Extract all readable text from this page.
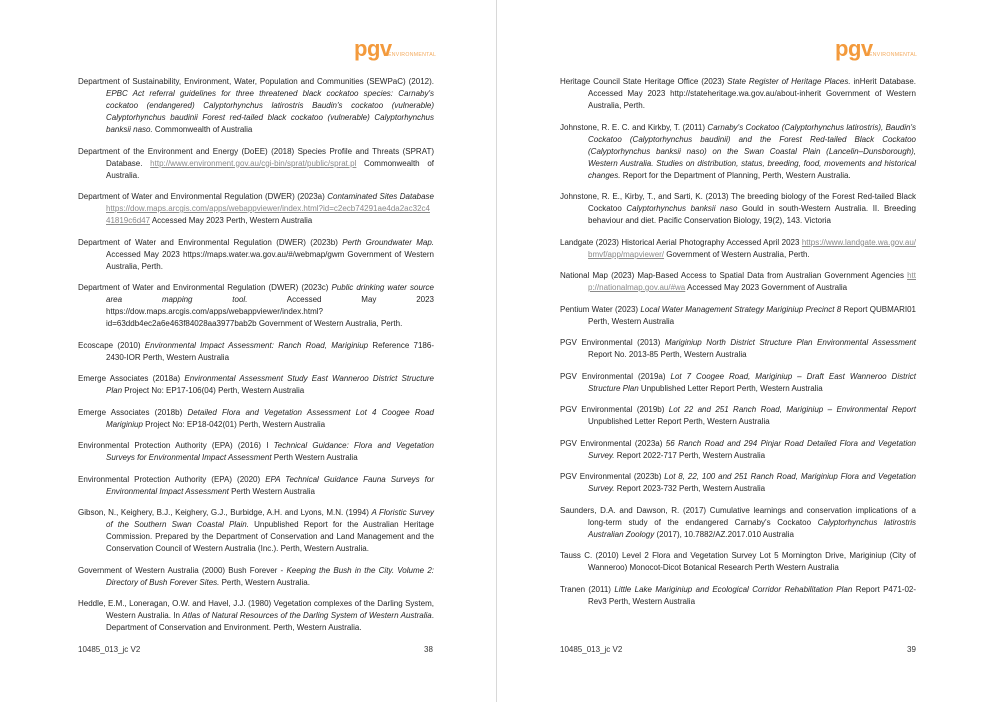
pgv
ENVIRONMENTAL

Department of Sustainability, Environment, Water, Population and Communities (SEWPaC) (2012). EPBC Act referral guidelines for three threatened black cockatoo species: Carnaby's cockatoo (endangered) Calyptorhynchus latirostris Baudin's cockatoo (vulnerable) Calyptorhynchus baudinii Forest red-tailed black cockatoo (vulnerable) Calyptorhynchus banksii naso. Commonwealth of Australia

Department of the Environment and Energy (DoEE) (2018) Species Profile and Threats (SPRAT) Database. http://www.environment.gov.au/cgi-bin/sprat/public/sprat.pl Commonwealth of Australia.

Department of Water and Environmental Regulation (DWER) (2023a) Contaminated Sites Database https://dow.maps.arcgis.com/apps/webappviewer/index.html?id=c2ecb74291ae4da2ac32c441819c6d47 Accessed May 2023 Perth, Western Australia

Department of Water and Environmental Regulation (DWER) (2023b) Perth Groundwater Map. Accessed May 2023 https://maps.water.wa.gov.au/#/webmap/gwm Government of Western Australia, Perth.

Department of Water and Environmental Regulation (DWER) (2023c) Public drinking water source area mapping tool. Accessed May 2023 https://dow.maps.arcgis.com/apps/webappviewer/index.html?id=63ddb4ec2a6e463f84028aa3977bab2b Government of Western Australia, Perth.

Ecoscape (2010) Environmental Impact Assessment: Ranch Road, Mariginiup Reference 7186-2430-IOR Perth, Western Australia

Emerge Associates (2018a) Environmental Assessment Study East Wanneroo District Structure Plan Project No: EP17-106(04) Perth, Western Australia

Emerge Associates (2018b) Detailed Flora and Vegetation Assessment Lot 4 Coogee Road Mariginiup Project No: EP18-042(01) Perth, Western Australia

Environmental Protection Authority (EPA) (2016) I Technical Guidance: Flora and Vegetation Surveys for Environmental Impact Assessment Perth Western Australia

Environmental Protection Authority (EPA) (2020) EPA Technical Guidance Fauna Surveys for Environmental Impact Assessment Perth Western Australia

Gibson, N., Keighery, B.J., Keighery, G.J., Burbidge, A.H. and Lyons, M.N. (1994) A Floristic Survey of the Southern Swan Coastal Plain. Unpublished Report for the Australian Heritage Commission. Prepared by the Department of Conservation and Land Management and the Conservation Council of Western Australia (Inc.). Perth, Western Australia.

Government of Western Australia (2000) Bush Forever - Keeping the Bush in the City. Volume 2: Directory of Bush Forever Sites. Perth, Western Australia.

Heddle, E.M., Loneragan, O.W. and Havel, J.J. (1980) Vegetation complexes of the Darling System, Western Australia. In Atlas of Natural Resources of the Darling System of Western Australia. Department of Conservation and Environment. Perth, Western Australia.

10485_013_jc V2	38
pgv
ENVIRONMENTAL

Heritage Council State Heritage Office (2023) State Register of Heritage Places. inHerit Database. Accessed May 2023 http://stateheritage.wa.gov.au/about-inherit Government of Western Australia, Perth.

Johnstone, R. E. C. and Kirkby, T. (2011) Carnaby's Cockatoo (Calyptorhynchus latirostris), Baudin's Cockatoo (Calyptorhynchus baudinii) and the Forest Red-tailed Black Cockatoo (Calyptorhynchus banksii naso) on the Swan Coastal Plain (Lancelin–Dunsborough), Western Australia. Studies on distribution, status, breeding, food, movements and historical changes. Report for the Department of Planning, Perth, Western Australia.

Johnstone, R. E., Kirby, T., and Sarti, K. (2013) The breeding biology of the Forest Red-tailed Black Cockatoo Calyptorhynchus banksii naso Gould in south-Western Australia. II. Breeding behaviour and diet. Pacific Conservation Biology, 19(2), 143. Victoria

Landgate (2023) Historical Aerial Photography Accessed April 2023 https://www.landgate.wa.gov.au/bmvf/app/mapviewer/ Government of Western Australia, Perth.

National Map (2023) Map-Based Access to Spatial Data from Australian Government Agencies http://nationalmap.gov.au/#wa Accessed May 2023 Government of Australia

Pentium Water (2023) Local Water Management Strategy Mariginiup Precinct 8 Report QUBMARI01 Perth, Western Australia

PGV Environmental (2013) Mariginiup North District Structure Plan Environmental Assessment Report No. 2013-85 Perth, Western Australia

PGV Environmental (2019a) Lot 7 Coogee Road, Mariginiup – Draft East Wanneroo District Structure Plan Unpublished Letter Report Perth, Western Australia

PGV Environmental (2019b) Lot 22 and 251 Ranch Road, Mariginiup – Environmental Report Unpublished Letter Report Perth, Western Australia

PGV Environmental (2023a) 56 Ranch Road and 294 Pinjar Road Detailed Flora and Vegetation Survey. Report 2022-717 Perth, Western Australia

PGV Environmental (2023b) Lot 8, 22, 100 and 251 Ranch Road, Mariginiup Flora and Vegetation Survey. Report 2023-732 Perth, Western Australia

Saunders, D.A. and Dawson, R. (2017) Cumulative learnings and conservation implications of a long-term study of the endangered Carnaby's Cockatoo Calyptorhynchus latirostris Australian Zoology (2017), 10.7882/AZ.2017.010 Australia

Tauss C. (2010) Level 2 Flora and Vegetation Survey Lot 5 Mornington Drive, Mariginiup (City of Wanneroo) Monocot-Dicot Botanical Research Perth Western Australia

Tranen (2011) Little Lake Mariginiup and Ecological Corridor Rehabilitation Plan Report P471-02-Rev3 Perth, Western Australia

10485_013_jc V2	39
